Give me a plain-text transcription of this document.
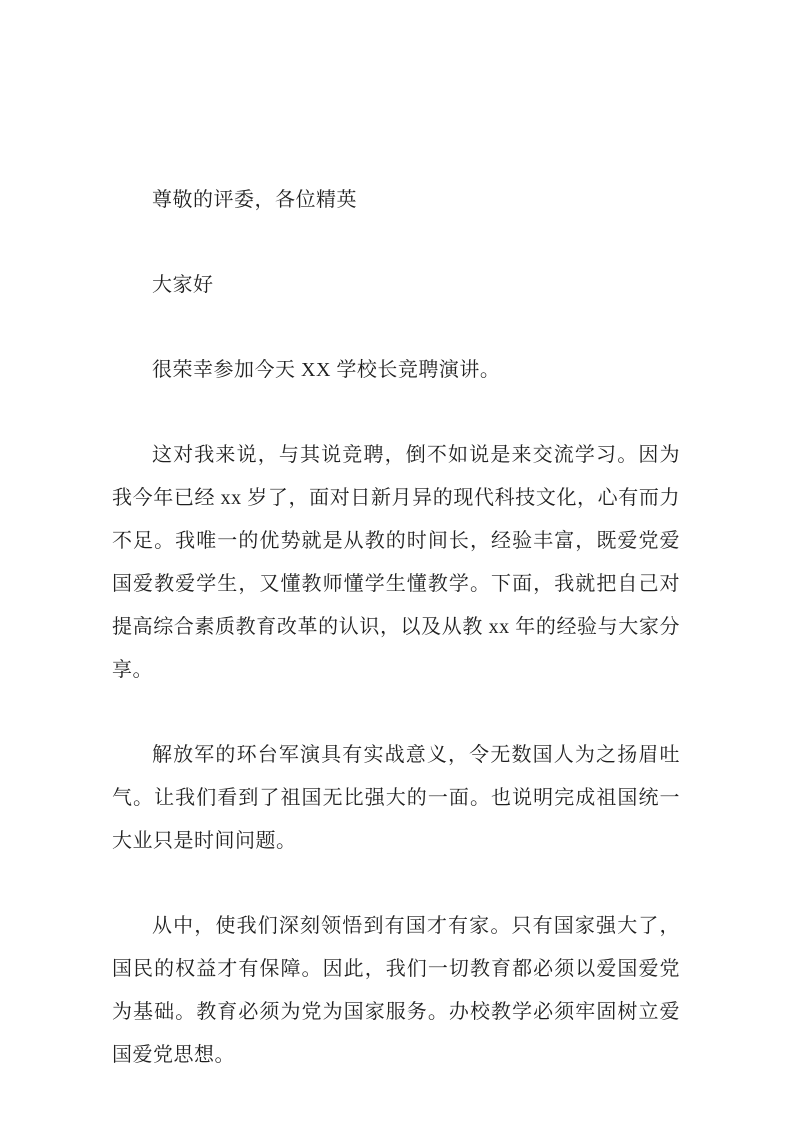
尊敬的评委，各位精英

大家好

很荣幸参加今天 XX 学校长竞聘演讲。

这对我来说，与其说竞聘，倒不如说是来交流学习。因为我今年已经 xx 岁了，面对日新月异的现代科技文化，心有而力不足。我唯一的优势就是从教的时间长，经验丰富，既爱党爱国爱教爱学生，又懂教师懂学生懂教学。下面，我就把自己对提高综合素质教育改革的认识，以及从教 xx 年的经验与大家分享。

解放军的环台军演具有实战意义，令无数国人为之扬眉吐气。让我们看到了祖国无比强大的一面。也说明完成祖国统一大业只是时间问题。

从中，使我们深刻领悟到有国才有家。只有国家强大了，国民的权益才有保障。因此，我们一切教育都必须以爱国爱党为基础。教育必须为党为国家服务。办校教学必须牢固树立爱国爱党思想。
